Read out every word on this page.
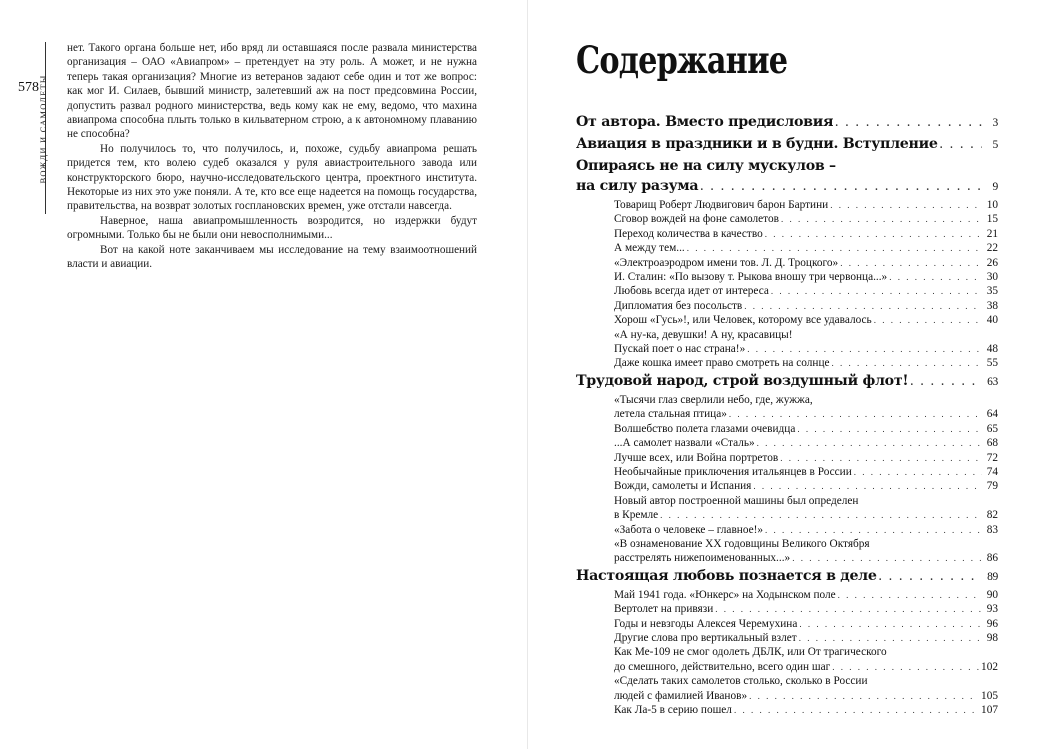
578 ВОЖДИ И САМОЛЕТЫ

нет. Такого органа больше нет, ибо вряд ли оставшаяся после развала министерства организация – ОАО «Авиапром» – претендует на эту роль. А может, и не нужна теперь такая организация? Многие из ветеранов задают себе один и тот же вопрос: как мог И. Силаев, бывший министр, залетевший аж на пост предсовмина России, допустить развал родного министерства, ведь кому как не ему, ведомо, что махина авиапрома способна плыть только в кильватерном строю, а к автономному плаванию не способна?

Но получилось то, что получилось, и, похоже, судьбу авиапрома решать придется тем, кто волею судеб оказался у руля авиастроительного завода или конструкторского бюро, научно-исследовательского центра, проектного института. Некоторые из них это уже поняли. А те, кто все еще надеется на помощь государства, правительства, на возврат золотых госплановских времен, уже отстали навсегда.

Наверное, наша авиапромышленность возродится, но издержки будут огромными. Только бы не были они невосполнимыми...

Вот на какой ноте заканчиваем мы исследование на тему взаимоотношений власти и авиации.

Содержание
От автора. Вместо предисловия . . .	3
Авиация в праздники и в будни. Вступление . . .	5
Опираясь не на силу мускулов –
на силу разума . . .	9
Товарищ Роберт Людвигович барон Бартини . . .	10
Сговор вождей на фоне самолетов . . .	15
Переход количества в качество . . .	21
А между тем... . . .	22
«Электроаэродром имени тов. Л. Д. Троцкого» . . .	26
И. Сталин: «По вызову т. Рыкова вношу три червонца...» . . .	30
Любовь всегда идет от интереса . . .	35
Дипломатия без посольств . . .	38
Хорош «Гусь»!, или Человек, которому все удавалось . . .	40
«А ну-ка, девушки! А ну, красавицы!
Пускай поет о нас страна!» . . .	48
Даже кошка имеет право смотреть на солнце . . .	55
Трудовой народ, строй воздушный флот! . . .	63
«Тысячи глаз сверлили небо, где, жужжа,
летела стальная птица» . . .	64
Волшебство полета глазами очевидца . . .	65
...А самолет назвали «Сталь» . . .	68
Лучше всех, или Война портретов . . .	72
Необычайные приключения итальянцев в России . . .	74
Вожди, самолеты и Испания . . .	79
Новый автор построенной машины был определен
в Кремле . . .	82
«Забота о человеке – главное!» . . .	83
«В ознаменование XX годовщины Великого Октября
расстрелять нижепоименованных...» . . .	86
Настоящая любовь познается в деле . . .	89
Май 1941 года. «Юнкерс» на Ходынском поле . . .	90
Вертолет на привязи . . .	93
Годы и невзгоды Алексея Черемухина . . .	96
Другие слова про вертикальный взлет . . .	98
Как Ме-109 не смог одолеть ДБЛК, или От трагического
до смешного, действительно, всего один шаг . . .	102
«Сделать таких самолетов столько, сколько в России
людей с фамилией Иванов» . . .	105
Как Ла-5 в серию пошел . . .	107
